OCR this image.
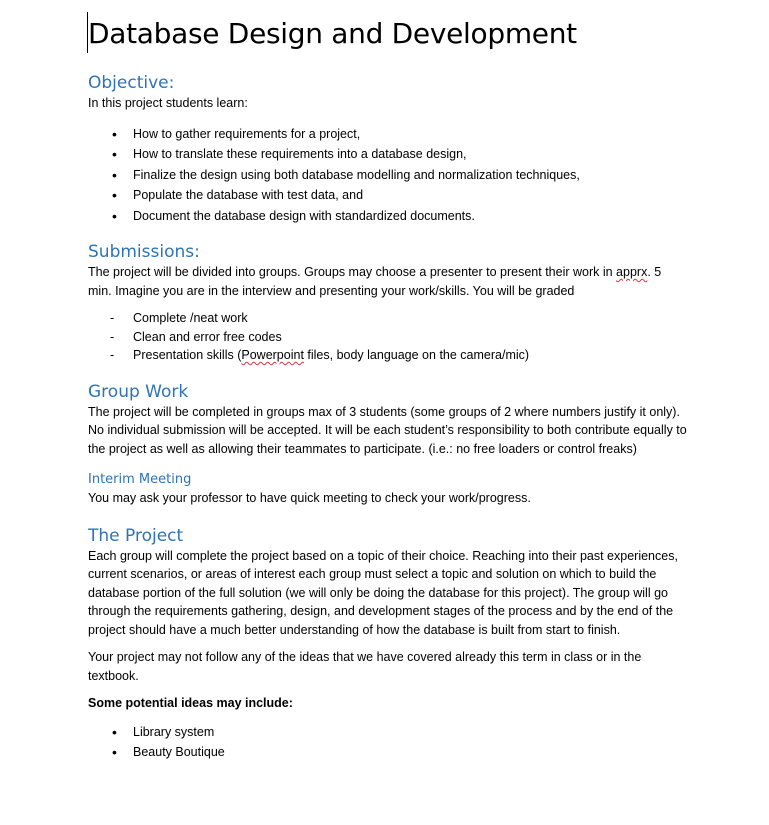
Database Design and Development
Objective:

In this project students learn:

• How to gather requirements for a project,
• How to translate these requirements into a database design,
• Finalize the design using both database modelling and normalization techniques,
• Populate the database with test data, and
• Document the database design with standardized documents.
Submissions:

The project will be divided into groups. Groups may choose a presenter to present their work in apprx. 5 min. Imagine you are in the interview and presenting your work/skills. You will be graded

- Complete /neat work
- Clean and error free codes
- Presentation skills (Powerpoint files, body language on the camera/mic)
Group Work

The project will be completed in groups max of 3 students (some groups of 2 where numbers justify it only). No individual submission will be accepted. It will be each student’s responsibility to both contribute equally to the project as well as allowing their teammates to participate. (i.e.: no free loaders or control freaks)

Interim Meeting

You may ask your professor to have quick meeting to check your work/progress.

The Project

Each group will complete the project based on a topic of their choice. Reaching into their past experiences, current scenarios, or areas of interest each group must select a topic and solution on which to build the database portion of the full solution (we will only be doing the database for this project). The group will go through the requirements gathering, design, and development stages of the process and by the end of the project should have a much better understanding of how the database is built from start to finish.

Your project may not follow any of the ideas that we have covered already this term in class or in the textbook.

Some potential ideas may include:

• Library system
• Beauty Boutique
